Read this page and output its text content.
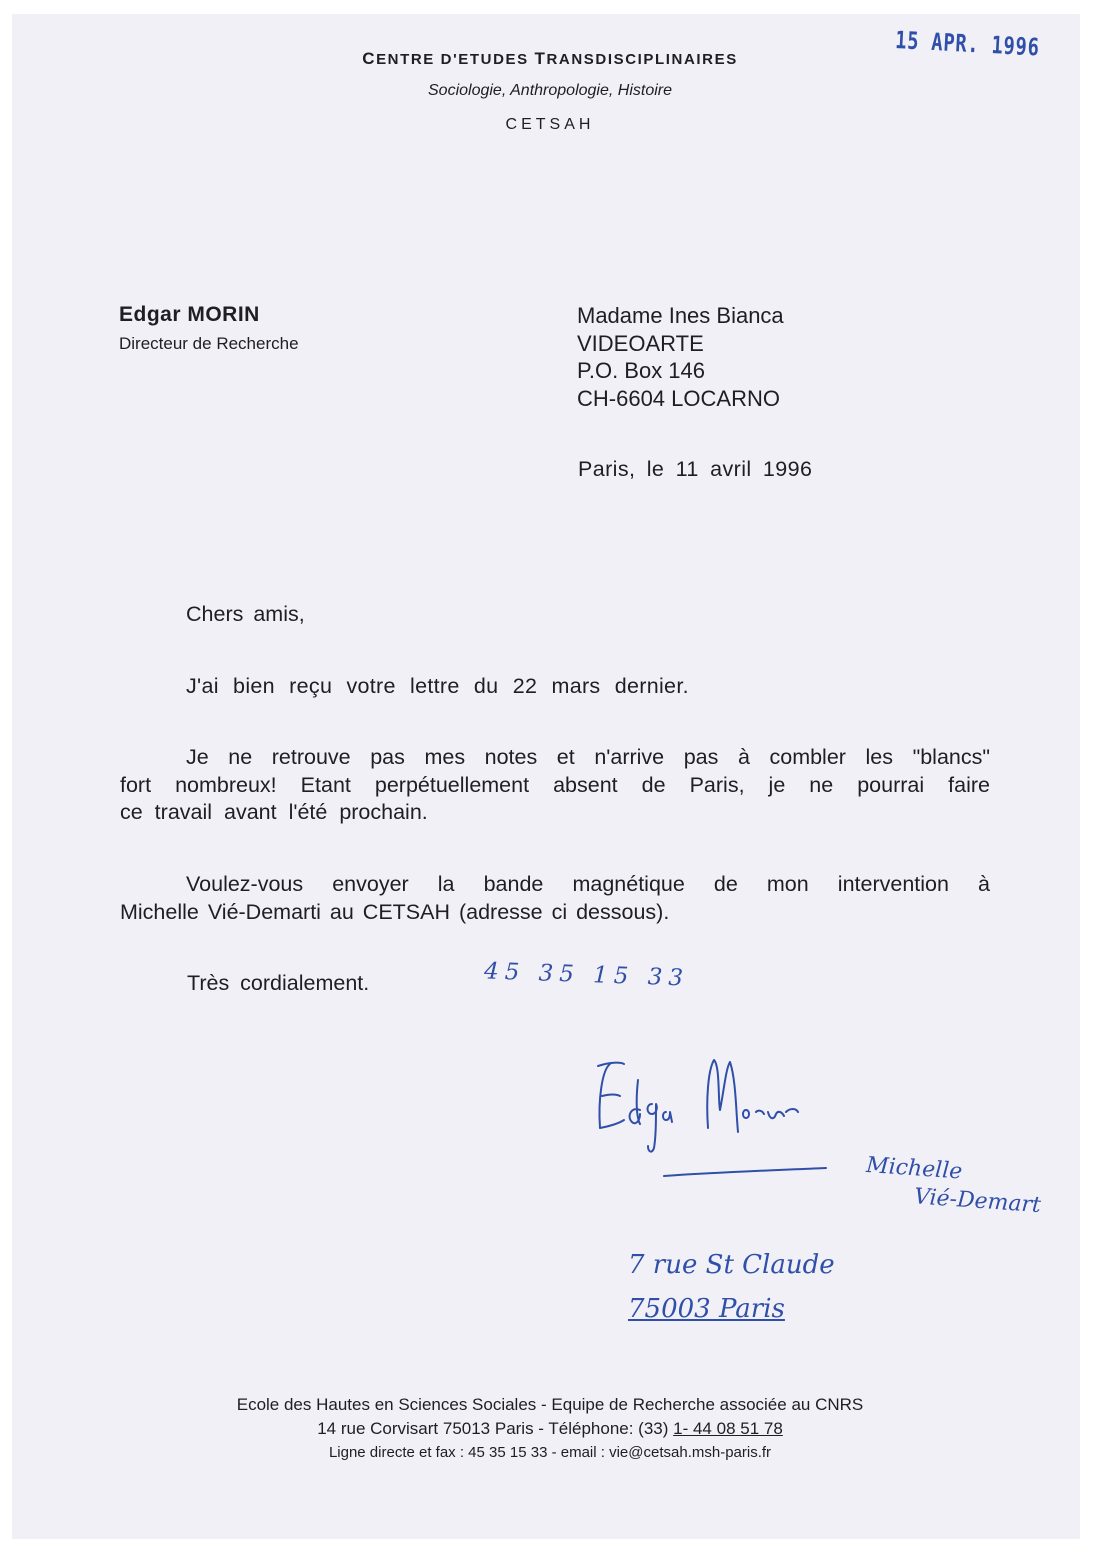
CENTRE D'ETUDES TRANSDISCIPLINAIRES
Sociologie, Anthropologie, Histoire
CETSAH
15 APR. 1996
Edgar MORIN
Directeur de Recherche
Madame Ines Bianca
VIDEOARTE
P.O. Box 146
CH-6604 LOCARNO
Paris, le 11 avril 1996
Chers amis,
J'ai bien reçu votre lettre du 22 mars dernier.
Je ne retrouve pas mes notes et n'arrive pas à combler les "blancs"
fort nombreux! Etant perpétuellement absent de Paris, je ne pourrai faire
ce travail avant l'été prochain.
Voulez-vous envoyer la bande magnétique de mon intervention à
Michelle Vié-Demarti au CETSAH (adresse ci dessous).
Très cordialement.	45 35 15 33
Michelle
Vié-Demart
7 rue St Claude
75003 Paris
Ecole des Hautes en Sciences Sociales - Equipe de Recherche associée au CNRS
14 rue Corvisart 75013 Paris - Téléphone: (33) 1- 44 08 51 78
Ligne directe et fax : 45 35 15 33 - email : vie@cetsah.msh-paris.fr
